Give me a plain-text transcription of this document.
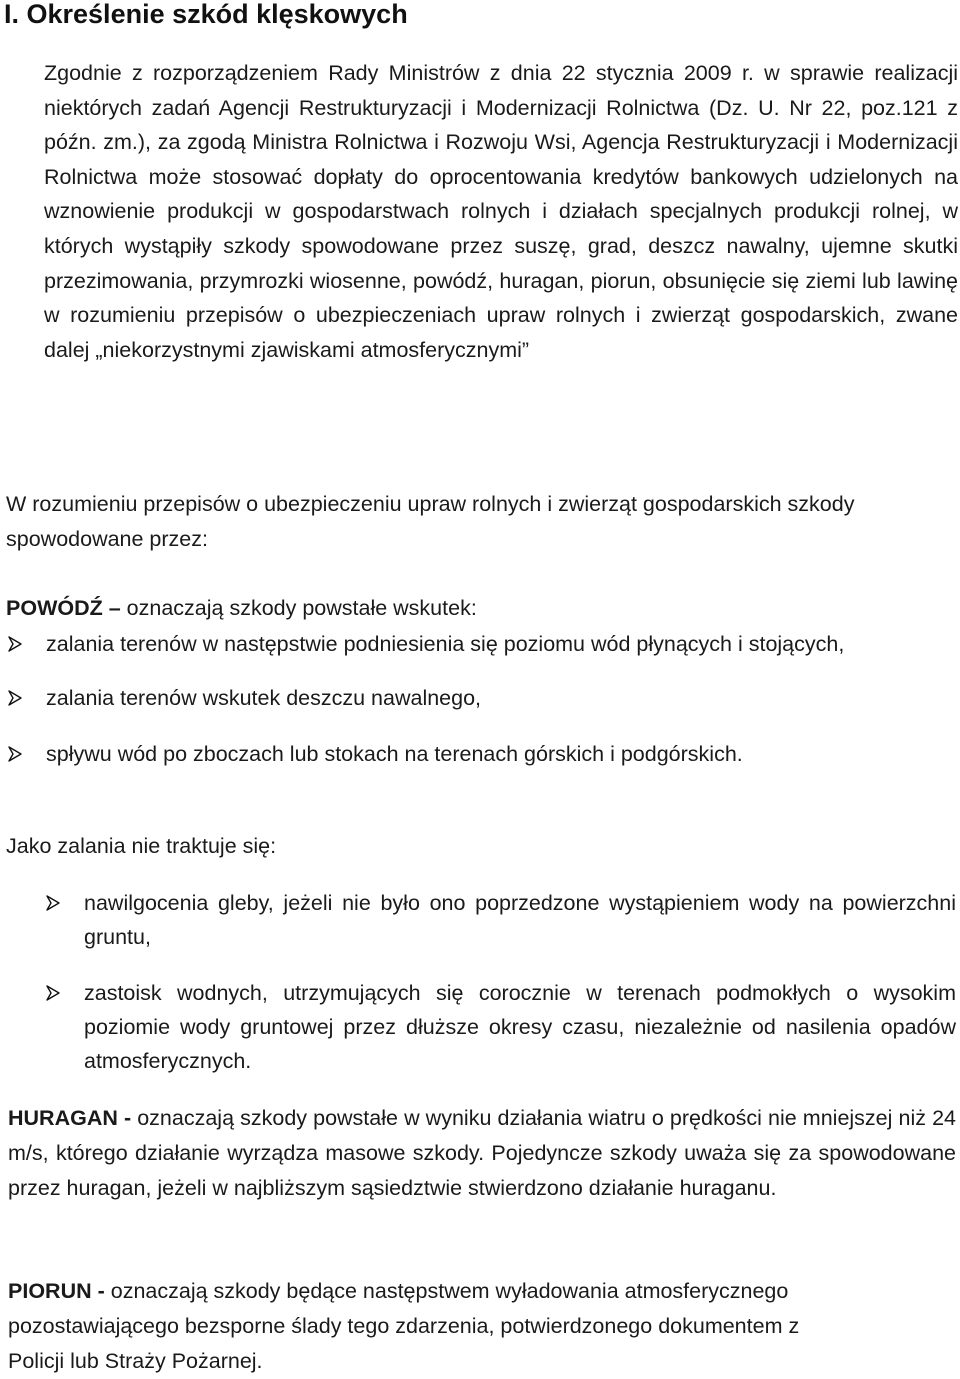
I. Określenie szkód klęskowych

Zgodnie z rozporządzeniem Rady Ministrów z dnia 22 stycznia 2009 r. w sprawie realizacji niektórych zadań Agencji Restrukturyzacji i Modernizacji Rolnictwa (Dz. U. Nr 22, poz.121 z późn. zm.), za zgodą Ministra Rolnictwa i Rozwoju Wsi, Agencja Restrukturyzacji i Modernizacji Rolnictwa może stosować dopłaty do oprocentowania kredytów bankowych udzielonych na wznowienie produkcji w gospodarstwach rolnych i działach specjalnych produkcji rolnej, w których wystąpiły szkody spowodowane przez suszę, grad, deszcz nawalny, ujemne skutki przezimowania, przymrozki wiosenne, powódź, huragan, piorun, obsunięcie się ziemi lub lawinę w rozumieniu przepisów o ubezpieczeniach upraw rolnych i zwierząt gospodarskich, zwane dalej „niekorzystnymi zjawiskami atmosferycznymi”

W rozumieniu przepisów o ubezpieczeniu upraw rolnych i zwierząt gospodarskich szkody spowodowane przez:

POWÓDŹ – oznaczają szkody powstałe wskutek:

zalania terenów w następstwie podniesienia się poziomu wód płynących i stojących,
zalania terenów wskutek deszczu nawalnego,
spływu wód po zboczach lub stokach na terenach górskich i podgórskich.

Jako zalania nie traktuje się:

nawilgocenia gleby, jeżeli nie było ono poprzedzone wystąpieniem wody na powierzchni gruntu,
zastoisk wodnych, utrzymujących się corocznie w terenach podmokłych o wysokim poziomie wody gruntowej przez dłuższe okresy czasu, niezależnie od nasilenia opadów atmosferycznych.

HURAGAN - oznaczają szkody powstałe w wyniku działania wiatru o prędkości nie mniejszej niż 24 m/s, którego działanie wyrządza masowe szkody. Pojedyncze szkody uważa się za spowodowane przez huragan, jeżeli w najbliższym sąsiedztwie stwierdzono działanie huraganu.

PIORUN - oznaczają szkody będące następstwem wyładowania atmosferycznego pozostawiającego bezsporne ślady tego zdarzenia, potwierdzonego dokumentem z Policji lub Straży Pożarnej.
